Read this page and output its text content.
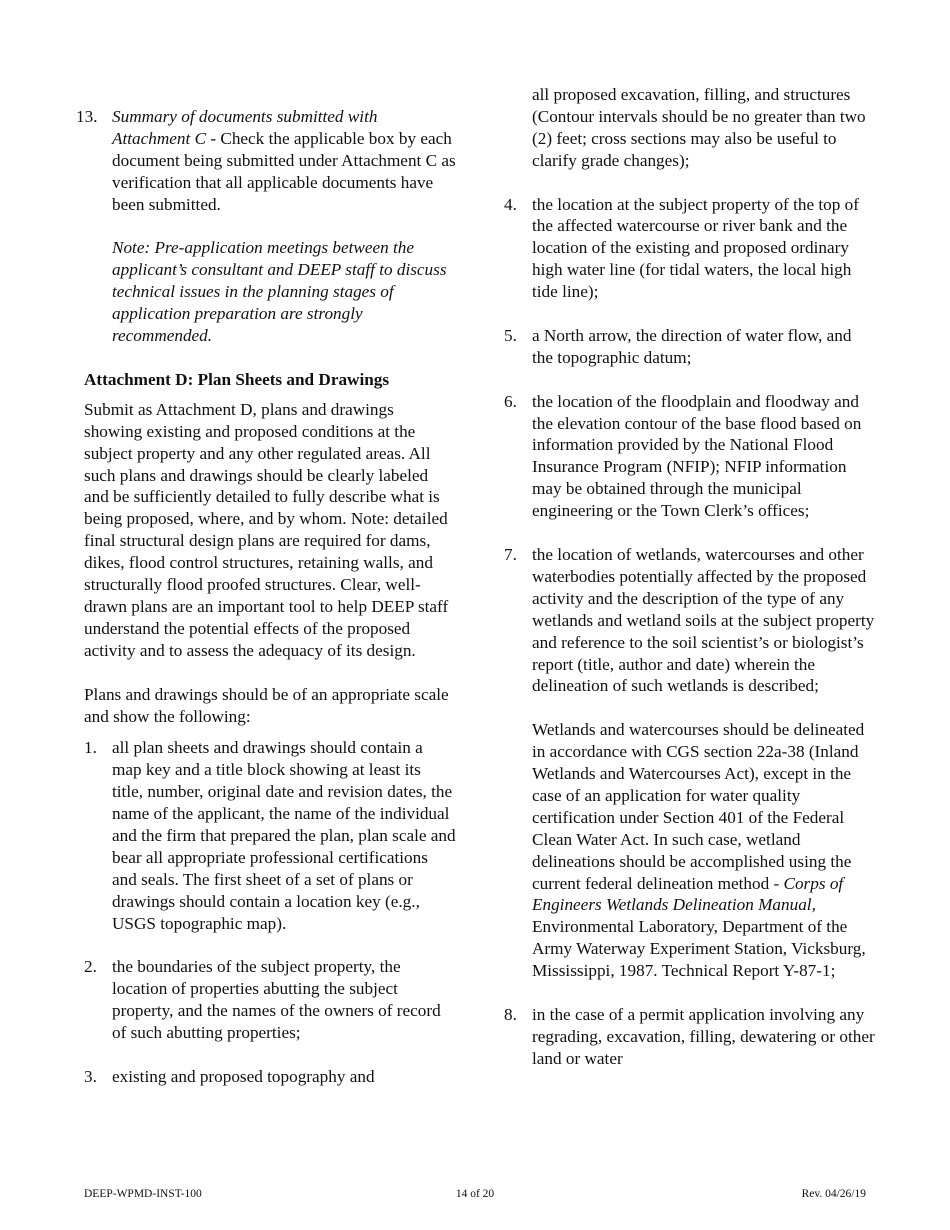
13. Summary of documents submitted with Attachment C - Check the applicable box by each document being submitted under Attachment C as verification that all applicable documents have been submitted.

Note: Pre-application meetings between the applicant’s consultant and DEEP staff to discuss technical issues in the planning stages of application preparation are strongly recommended.

Attachment D: Plan Sheets and Drawings

Submit as Attachment D, plans and drawings showing existing and proposed conditions at the subject property and any other regulated areas. All such plans and drawings should be clearly labeled and be sufficiently detailed to fully describe what is being proposed, where, and by whom. Note: detailed final structural design plans are required for dams, dikes, flood control structures, retaining walls, and structurally flood proofed structures. Clear, well-drawn plans are an important tool to help DEEP staff understand the potential effects of the proposed activity and to assess the adequacy of its design.

Plans and drawings should be of an appropriate scale and show the following:

1. all plan sheets and drawings should contain a map key and a title block showing at least its title, number, original date and revision dates, the name of the applicant, the name of the individual and the firm that prepared the plan, plan scale and bear all appropriate professional certifications and seals. The first sheet of a set of plans or drawings should contain a location key (e.g., USGS topographic map).
2. the boundaries of the subject property, the location of properties abutting the subject property, and the names of the owners of record of such abutting properties;
3. existing and proposed topography and

all proposed excavation, filling, and structures (Contour intervals should be no greater than two (2) feet; cross sections may also be useful to clarify grade changes);

4. the location at the subject property of the top of the affected watercourse or river bank and the location of the existing and proposed ordinary high water line (for tidal waters, the local high tide line);
5. a North arrow, the direction of water flow, and the topographic datum;
6. the location of the floodplain and floodway and the elevation contour of the base flood based on information provided by the National Flood Insurance Program (NFIP); NFIP information may be obtained through the municipal engineering or the Town Clerk’s offices;
7. the location of wetlands, watercourses and other waterbodies potentially affected by the proposed activity and the description of the type of any wetlands and wetland soils at the subject property and reference to the soil scientist’s or biologist’s report (title, author and date) wherein the delineation of such wetlands is described;

Wetlands and watercourses should be delineated in accordance with CGS section 22a-38 (Inland Wetlands and Watercourses Act), except in the case of an application for water quality certification under Section 401 of the Federal Clean Water Act. In such case, wetland delineations should be accomplished using the current federal delineation method - Corps of Engineers Wetlands Delineation Manual, Environmental Laboratory, Department of the Army Waterway Experiment Station, Vicksburg, Mississippi, 1987. Technical Report Y-87-1;

8. in the case of a permit application involving any regrading, excavation, filling, dewatering or other land or water
DEEP-WPMD-INST-100	14 of 20	Rev. 04/26/19
